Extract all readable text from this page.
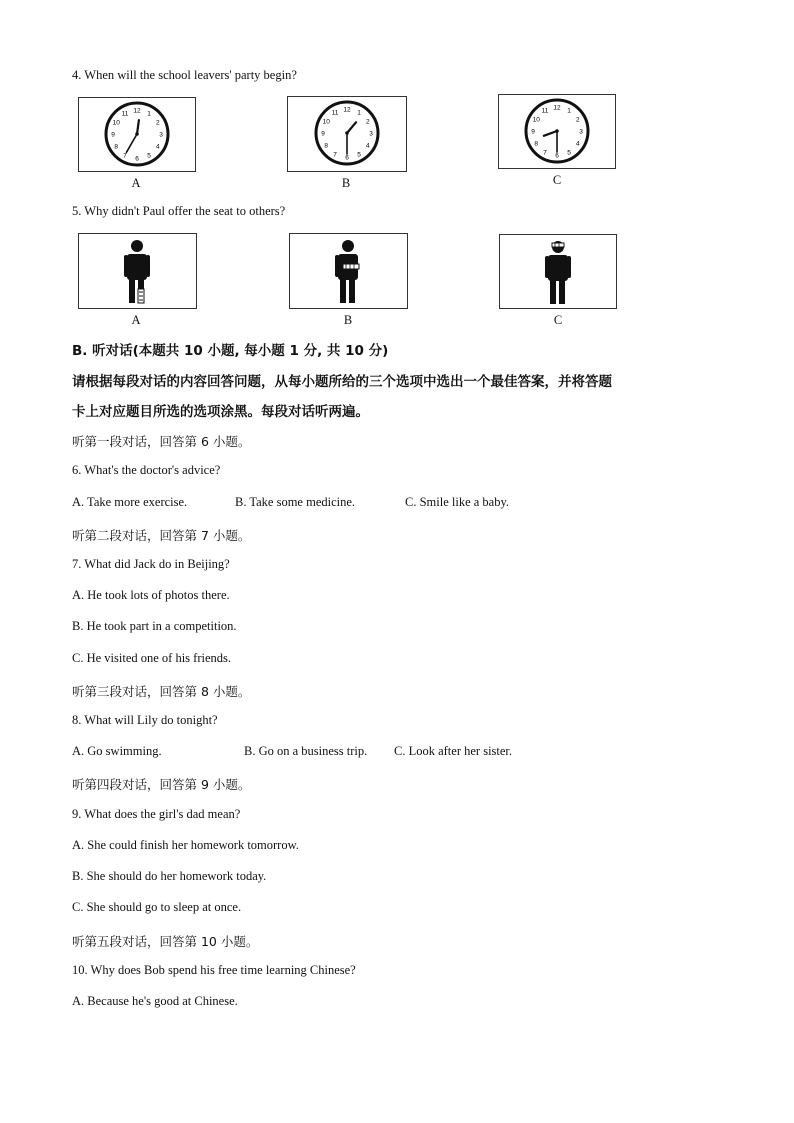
4. When will the school leavers' party begin?
12 1
2
3
4
5
6
7
8
9
10
11
A
12 1
2
3
4
5
6
7
8
9
10
11
B
12 1
2
3
4
5
6
7
8
9
10
11
C
5. Why didn't Paul offer the seat to others?
A	B	C
B. 听对话(本题共 10 小题, 每小题 1 分, 共 10 分)
请根据每段对话的内容回答问题，从每小题所给的三个选项中选出一个最佳答案，并将答题
卡上对应题目所选的选项涂黑。每段对话听两遍。
听第一段对话，回答第 6 小题。
6. What's the doctor's advice?
A. Take more exercise.	B. Take some medicine.	C. Smile like a baby.
听第二段对话，回答第 7 小题。
7. What did Jack do in Beijing?
A. He took lots of photos there.
B. He took part in a competition.
C. He visited one of his friends.
听第三段对话，回答第 8 小题。
8. What will Lily do tonight?
A. Go swimming.	B. Go on a business trip. C. Look after her sister.
听第四段对话，回答第 9 小题。
9. What does the girl's dad mean?
A. She could finish her homework tomorrow.
B. She should do her homework today.
C. She should go to sleep at once.
听第五段对话，回答第 10 小题。
10. Why does Bob spend his free time learning Chinese?
A. Because he's good at Chinese.
